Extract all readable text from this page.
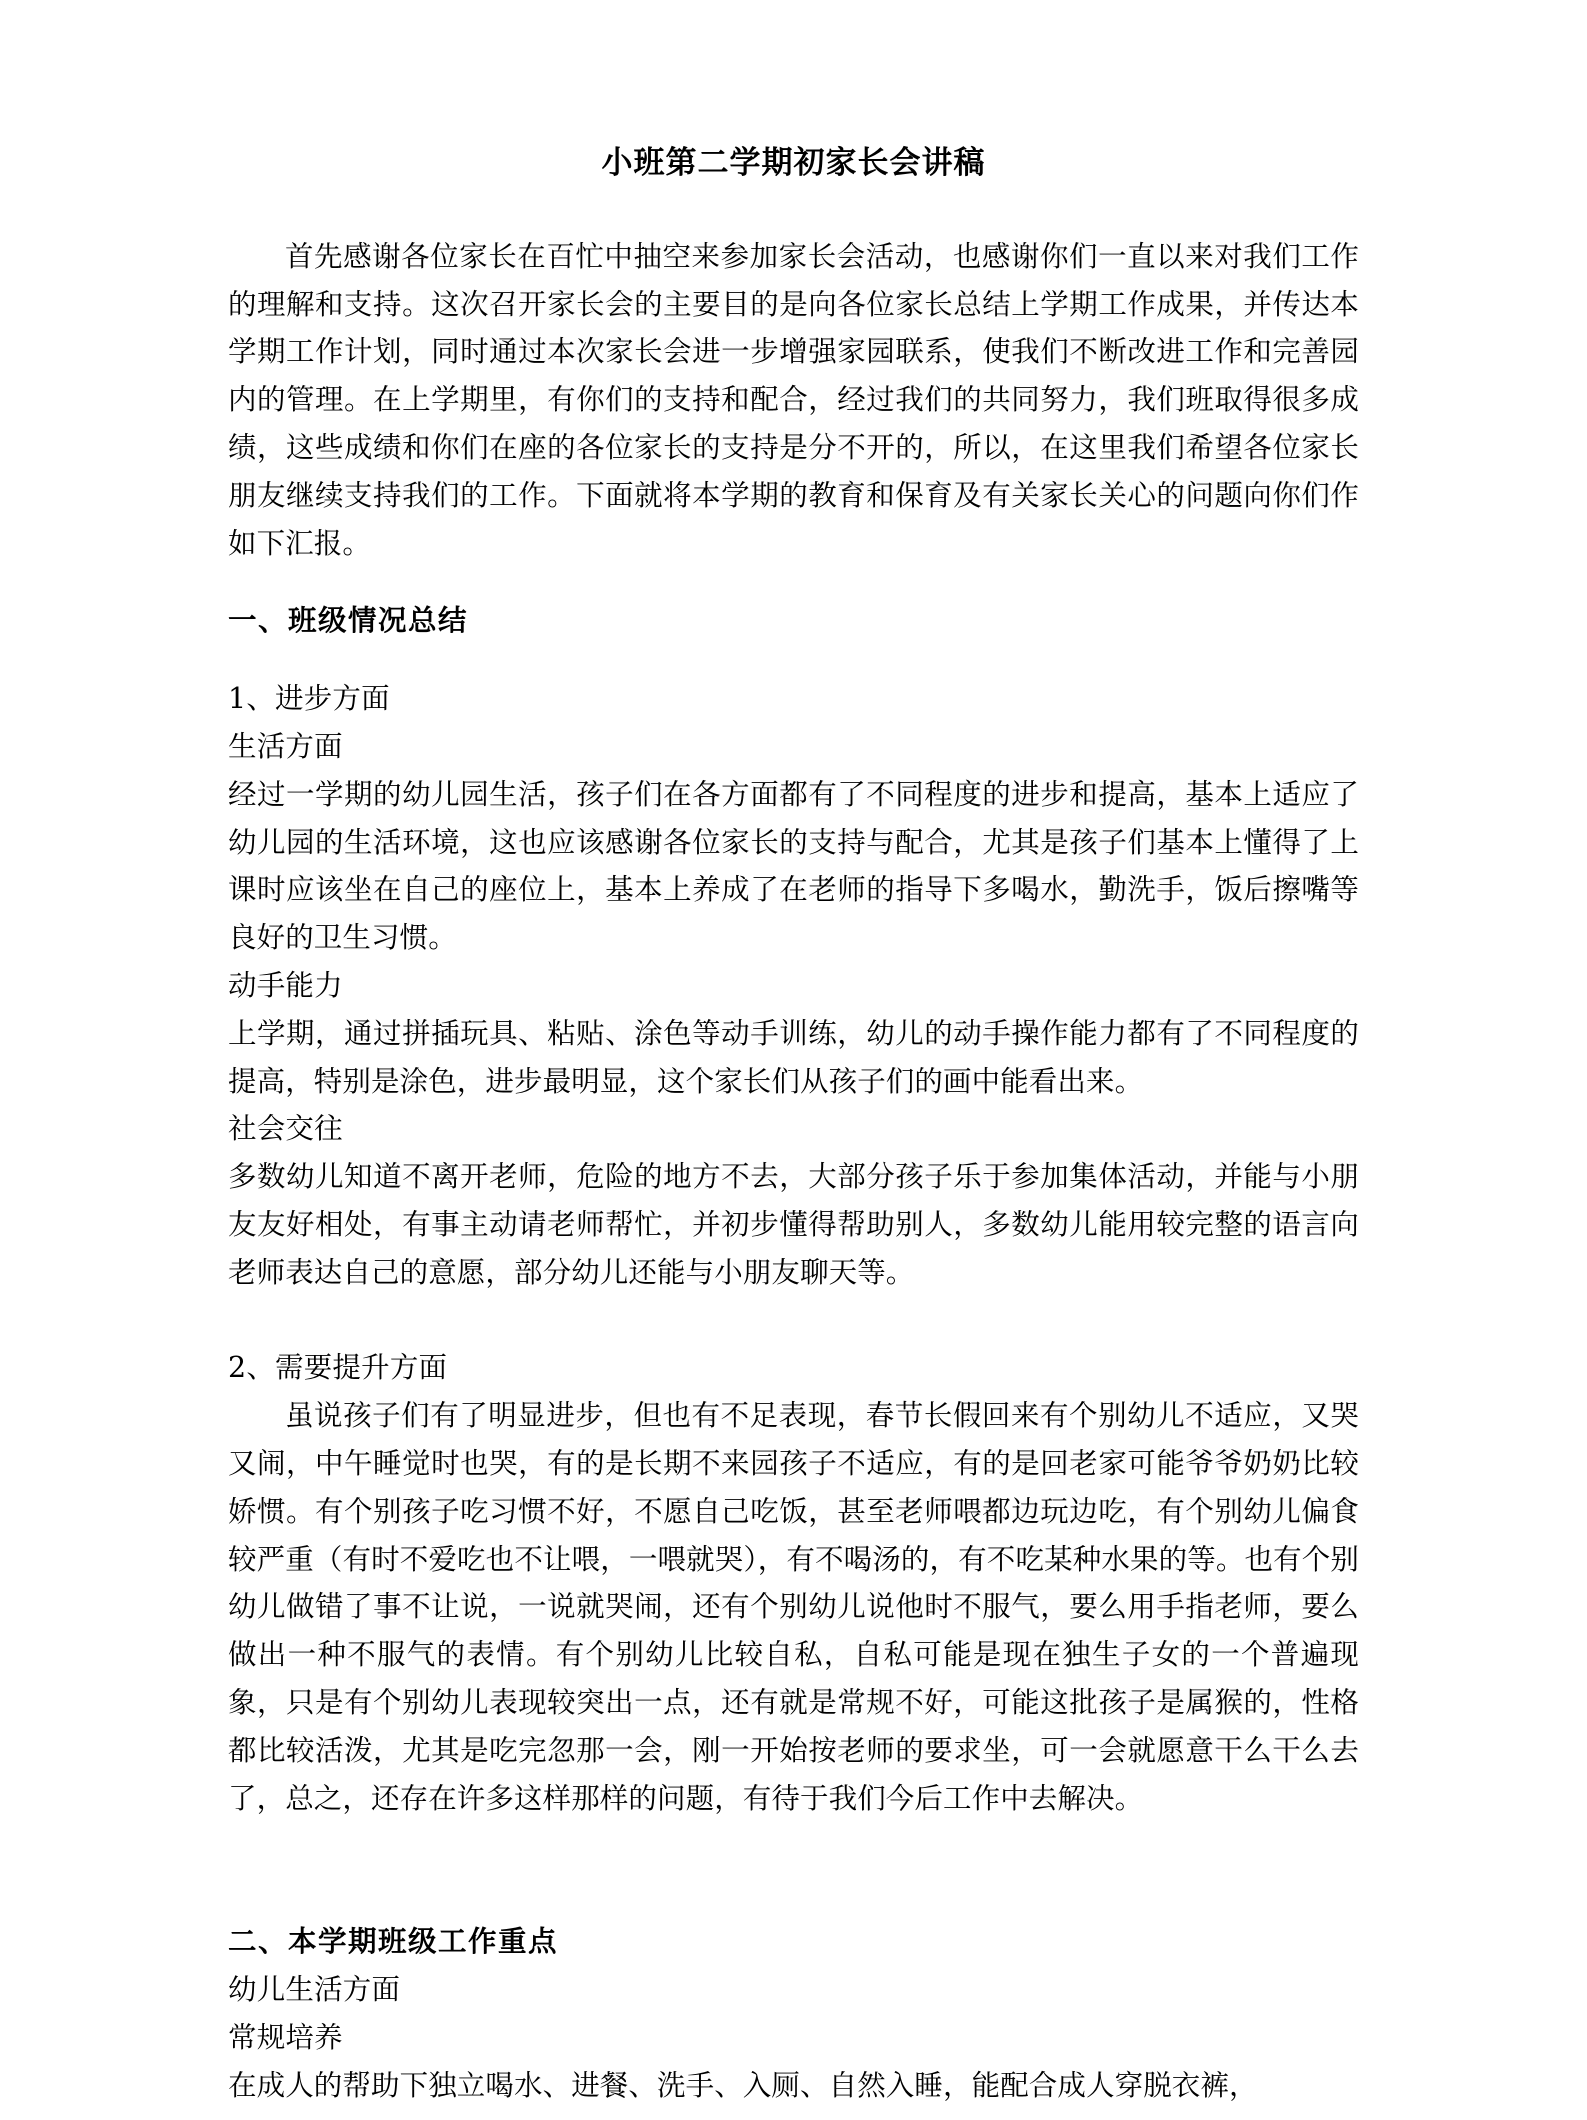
小班第二学期初家长会讲稿

首先感谢各位家长在百忙中抽空来参加家长会活动，也感谢你们一直以来对我们工作的理解和支持。这次召开家长会的主要目的是向各位家长总结上学期工作成果，并传达本学期工作计划，同时通过本次家长会进一步增强家园联系，使我们不断改进工作和完善园内的管理。在上学期里，有你们的支持和配合，经过我们的共同努力，我们班取得很多成绩，这些成绩和你们在座的各位家长的支持是分不开的，所以，在这里我们希望各位家长朋友继续支持我们的工作。下面就将本学期的教育和保育及有关家长关心的问题向你们作如下汇报。

一、班级情况总结

1、进步方面

生活方面

经过一学期的幼儿园生活，孩子们在各方面都有了不同程度的进步和提高，基本上适应了幼儿园的生活环境，这也应该感谢各位家长的支持与配合，尤其是孩子们基本上懂得了上课时应该坐在自己的座位上，基本上养成了在老师的指导下多喝水，勤洗手，饭后擦嘴等良好的卫生习惯。

动手能力

上学期，通过拼插玩具、粘贴、涂色等动手训练，幼儿的动手操作能力都有了不同程度的提高，特别是涂色，进步最明显，这个家长们从孩子们的画中能看出来。

社会交往

多数幼儿知道不离开老师，危险的地方不去，大部分孩子乐于参加集体活动，并能与小朋友友好相处，有事主动请老师帮忙，并初步懂得帮助别人，多数幼儿能用较完整的语言向老师表达自己的意愿，部分幼儿还能与小朋友聊天等。

2、需要提升方面

虽说孩子们有了明显进步，但也有不足表现，春节长假回来有个别幼儿不适应，又哭又闹，中午睡觉时也哭，有的是长期不来园孩子不适应，有的是回老家可能爷爷奶奶比较娇惯。有个别孩子吃习惯不好，不愿自己吃饭，甚至老师喂都边玩边吃，有个别幼儿偏食较严重（有时不爱吃也不让喂，一喂就哭），有不喝汤的，有不吃某种水果的等。也有个别幼儿做错了事不让说，一说就哭闹，还有个别幼儿说他时不服气，要么用手指老师，要么做出一种不服气的表情。有个别幼儿比较自私，自私可能是现在独生子女的一个普遍现象，只是有个别幼儿表现较突出一点，还有就是常规不好，可能这批孩子是属猴的，性格都比较活泼，尤其是吃完忽那一会，刚一开始按老师的要求坐，可一会就愿意干么干么去了，总之，还存在许多这样那样的问题，有待于我们今后工作中去解决。

二、本学期班级工作重点

幼儿生活方面

常规培养

在成人的帮助下独立喝水、进餐、洗手、入厕、自然入睡，能配合成人穿脱衣裤，
